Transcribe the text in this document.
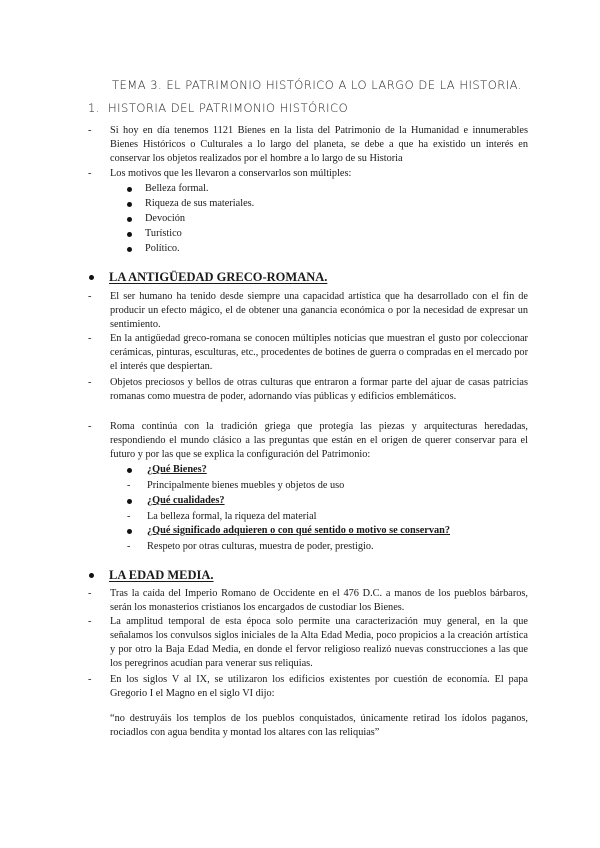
TEMA 3. EL PATRIMONIO HISTÓRICO A LO LARGO DE LA HISTORIA.
1. HISTORIA DEL PATRIMONIO HISTÓRICO
-	Si hoy en día tenemos 1121 Bienes en la lista del Patrimonio de la Humanidad e innumerables Bienes Históricos o Culturales a lo largo del planeta, se debe a que ha existido un interés en conservar los objetos realizados por el hombre a lo largo de su Historia
-	Los motivos que les llevaron a conservarlos son múltiples:
Belleza formal.
Riqueza de sus materiales.
Devoción
Turístico
Político.
LA ANTIGÜEDAD GRECO-ROMANA.
-	El ser humano ha tenido desde siempre una capacidad artística que ha desarrollado con el fin de producir un efecto mágico, el de obtener una ganancia económica o por la necesidad de expresar un sentimiento.
-	En la antigüedad greco-romana se conocen múltiples noticias que muestran el gusto por coleccionar cerámicas, pinturas, esculturas, etc., procedentes de botines de guerra o compradas en el mercado por el interés que despiertan.
-	Objetos preciosos y bellos de otras culturas que entraron a formar parte del ajuar de casas patricias romanas como muestra de poder, adornando vías públicas y edificios emblemáticos.
-	Roma continúa con la tradición griega que protegía las piezas y arquitecturas heredadas, respondiendo el mundo clásico a las preguntas que están en el origen de querer conservar para el futuro y por las que se explica la configuración del Patrimonio:
¿Qué Bienes?
- Principalmente bienes muebles y objetos de uso
¿Qué cualidades?
- La belleza formal, la riqueza del material
¿Qué significado adquieren o con qué sentido o motivo se conservan?
- Respeto por otras culturas, muestra de poder, prestigio.
LA EDAD MEDIA.
-	Tras la caída del Imperio Romano de Occidente en el 476 D.C. a manos de los pueblos bárbaros, serán los monasterios cristianos los encargados de custodiar los Bienes.
-	La amplitud temporal de esta época solo permite una caracterización muy general, en la que señalamos los convulsos siglos iniciales de la Alta Edad Media, poco propicios a la creación artística y por otro la Baja Edad Media, en donde el fervor religioso realizó nuevas construcciones a las que los peregrinos acudían para venerar sus reliquias.
-	En los siglos V al IX, se utilizaron los edificios existentes por cuestión de economía. El papa Gregorio I el Magno en el siglo VI dijo:
“no destruyáis los templos de los pueblos conquistados, únicamente retirad los ídolos paganos, rociadlos con agua bendita y montad los altares con las reliquias”
